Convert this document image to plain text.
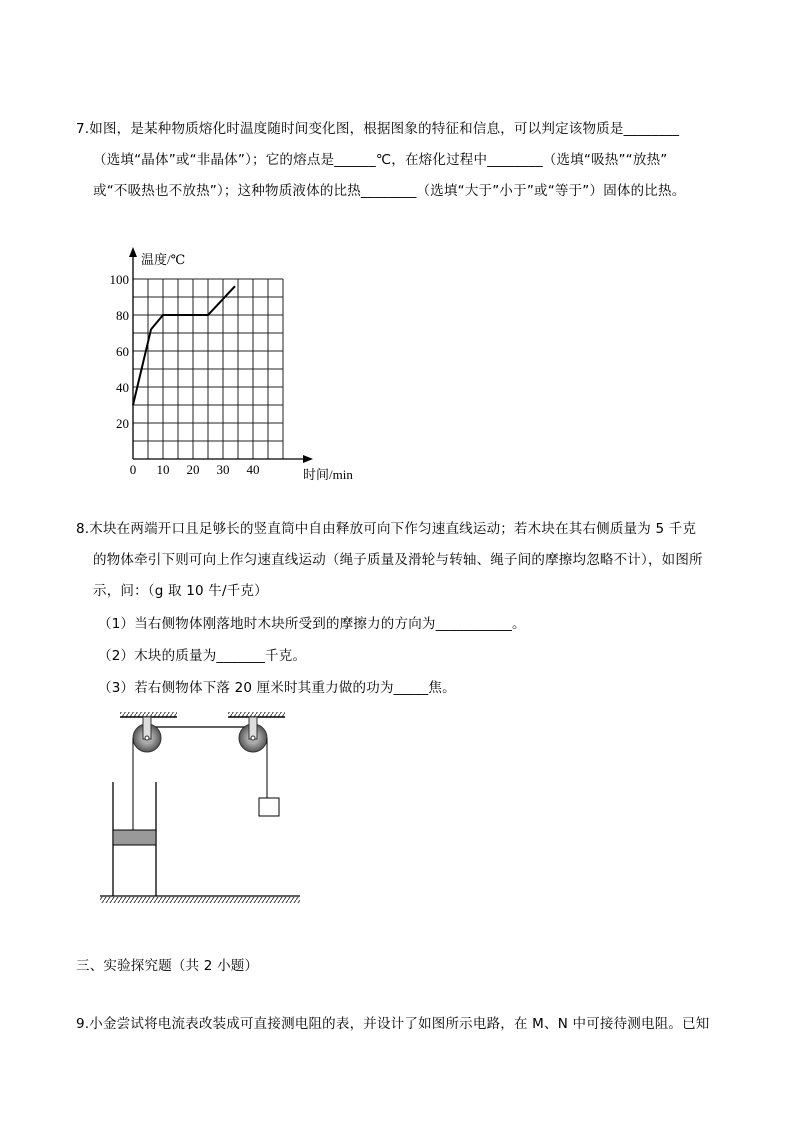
7.如图，是某种物质熔化时温度随时间变化图，根据图象的特征和信息，可以判定该物质是________
（选填“晶体”或“非晶体”）；它的熔点是______℃，在熔化过程中________（选填“吸热”“放热”
或“不吸热也不放热”）；这种物质液体的比热________（选填“大于”小于”或“等于”）固体的比热。
温度/℃
时间/min
0 10 20 30 40
20
40
60
80
100
8.木块在两端开口且足够长的竖直筒中自由释放可向下作匀速直线运动；若木块在其右侧质量为 5 千克
的物体牵引下则可向上作匀速直线运动（绳子质量及滑轮与转轴、绳子间的摩擦均忽略不计），如图所
示，问：（g 取 10 牛/千克）
（1）当右侧物体刚落地时木块所受到的摩擦力的方向为___________。
（2）木块的质量为_______千克。
（3）若右侧物体下落 20 厘米时其重力做的功为_____焦。
三、实验探究题（共 2 小题）
9.小金尝试将电流表改装成可直接测电阻的表，并设计了如图所示电路，在 M、N 中可接待测电阻。已知
